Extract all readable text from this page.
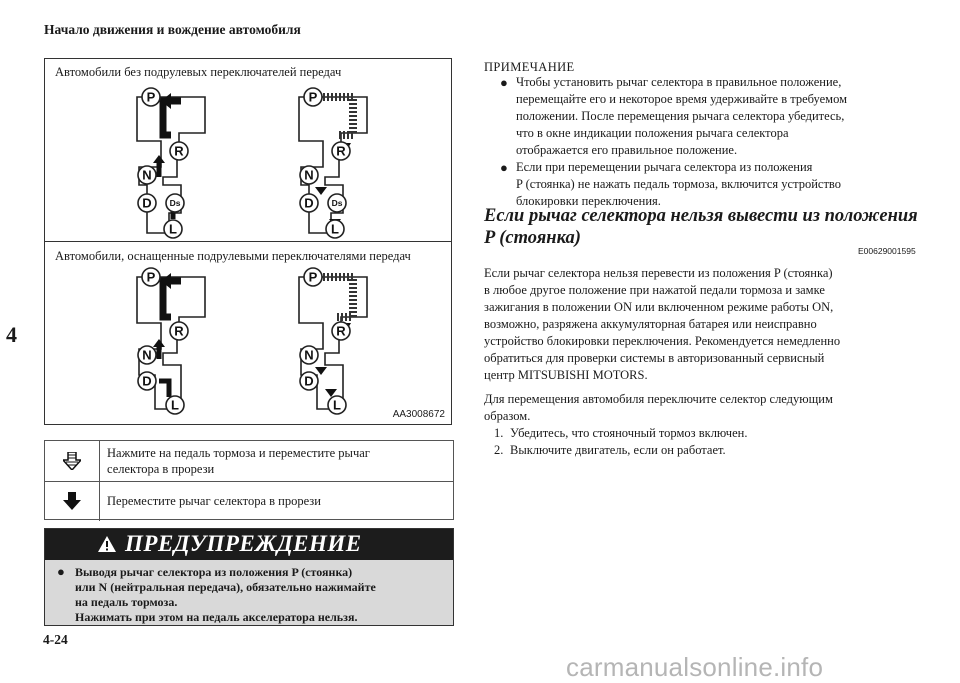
Начало движения и вождение автомобиля
4
Автомобили без подрулевых переключателей передач
Автомобили, оснащенные подрулевыми переключателями передач
AA3008672
P
R
N
D Ds
L
P
R
N
D Ds
L
P
R
N
D
L
P
R
N
D
L
Нажмите на педаль тормоза и переместите рычаг
селектора в прорези
Переместите рычаг селектора в прорези
ПРЕДУПРЕЖДЕНИЕ
● Выводя рычаг селектора из положения P (стоянка)
или N (нейтральная передача), обязательно нажимайте
на педаль тормоза.
Нажимать при этом на педаль акселератора нельзя.
4-24
ПРИМЕЧАНИЕ
● Чтобы установить рычаг селектора в правильное положение,
перемещайте его и некоторое время удерживайте в требуемом
положении. После перемещения рычага селектора убедитесь,
что в окне индикации положения рычага селектора
отображается его правильное положение.
● Если при перемещении рычага селектора из положения
P (стоянка) не нажать педаль тормоза, включится устройство
блокировки переключения.
Если рычаг селектора нельзя вывести из положения
P (стоянка)
E00629001595
Если рычаг селектора нельзя перевести из положения P (стоянка)
в любое другое положение при нажатой педали тормоза и замке
зажигания в положении ON или включенном режиме работы ON,
возможно, разряжена аккумуляторная батарея или неисправно
устройство блокировки переключения. Рекомендуется немедленно
обратиться для проверки системы в авторизованный сервисный
центр MITSUBISHI MOTORS.
Для перемещения автомобиля переключите селектор следующим
образом.
1. Убедитесь, что стояночный тормоз включен.
2. Выключите двигатель, если он работает.
carmanualsonline.info
